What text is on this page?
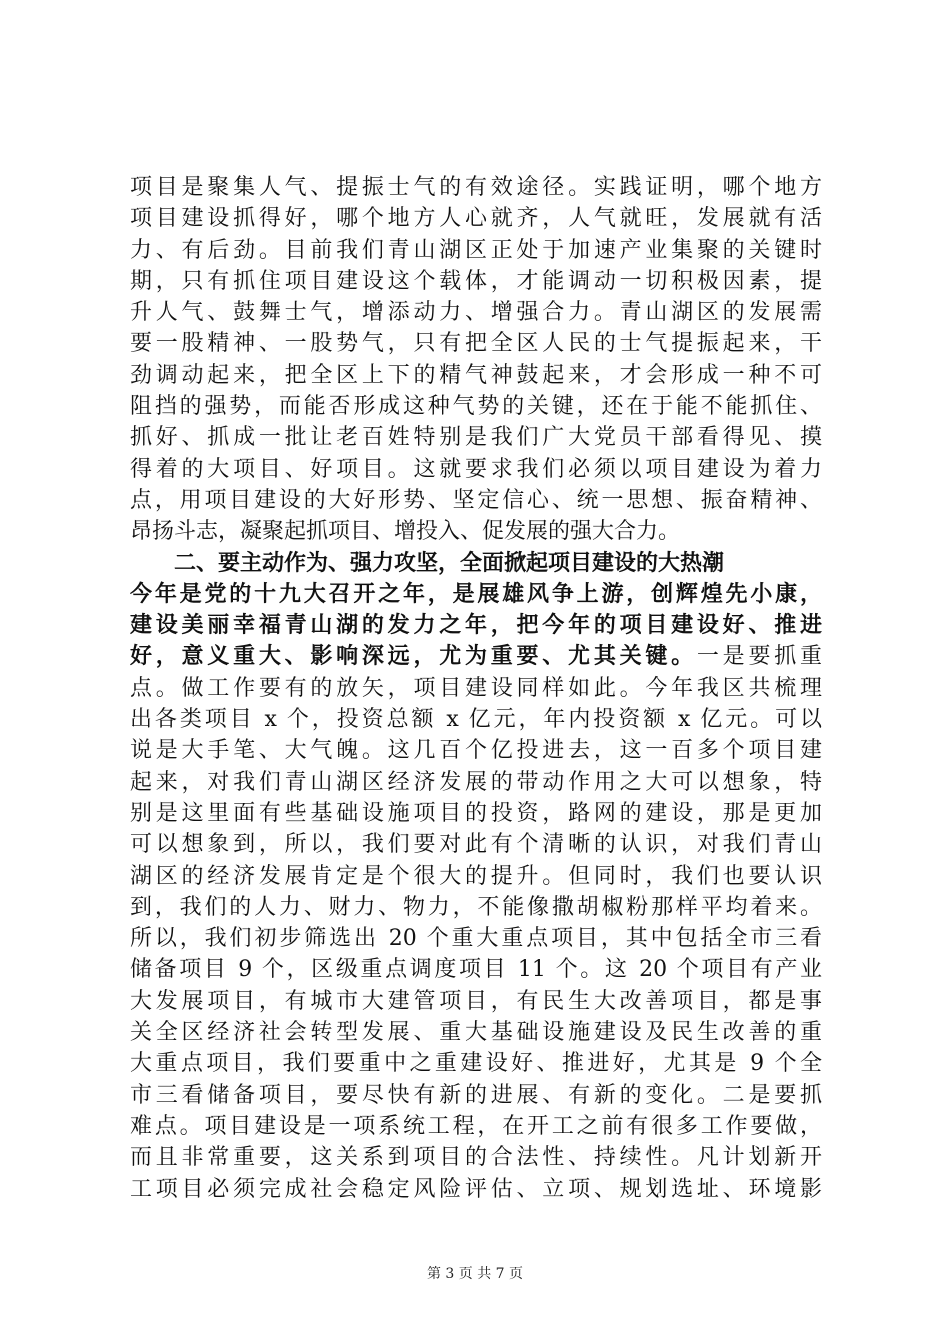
项目是聚集人气、提振士气的有效途径。实践证明，哪个地方
项目建设抓得好，哪个地方人心就齐，人气就旺，发展就有活
力、有后劲。目前我们青山湖区正处于加速产业集聚的关键时
期，只有抓住项目建设这个载体，才能调动一切积极因素，提
升人气、鼓舞士气，增添动力、增强合力。青山湖区的发展需
要一股精神、一股势气，只有把全区人民的士气提振起来，干
劲调动起来，把全区上下的精气神鼓起来，才会形成一种不可
阻挡的强势，而能否形成这种气势的关键，还在于能不能抓住、
抓好、抓成一批让老百姓特别是我们广大党员干部看得见、摸
得着的大项目、好项目。这就要求我们必须以项目建设为着力
点，用项目建设的大好形势、坚定信心、统一思想、振奋精神、
昂扬斗志，凝聚起抓项目、增投入、促发展的强大合力。
二、要主动作为、强力攻坚，全面掀起项目建设的大热潮
今年是党的十九大召开之年，是展雄风争上游，创辉煌先小康，
建设美丽幸福青山湖的发力之年，把今年的项目建设好、推进
好，意义重大、影响深远，尤为重要、尤其关键。一是要抓重
点。做工作要有的放矢，项目建设同样如此。今年我区共梳理
出各类项目 x 个，投资总额 x 亿元，年内投资额 x 亿元。可以
说是大手笔、大气魄。这几百个亿投进去，这一百多个项目建
起来，对我们青山湖区经济发展的带动作用之大可以想象，特
别是这里面有些基础设施项目的投资，路网的建设，那是更加
可以想象到，所以，我们要对此有个清晰的认识，对我们青山
湖区的经济发展肯定是个很大的提升。但同时，我们也要认识
到，我们的人力、财力、物力，不能像撒胡椒粉那样平均着来。
所以，我们初步筛选出 20 个重大重点项目，其中包括全市三看
储备项目 9 个，区级重点调度项目 11 个。这 20 个项目有产业
大发展项目，有城市大建管项目，有民生大改善项目，都是事
关全区经济社会转型发展、重大基础设施建设及民生改善的重
大重点项目，我们要重中之重建设好、推进好，尤其是 9 个全
市三看储备项目，要尽快有新的进展、有新的变化。二是要抓
难点。项目建设是一项系统工程，在开工之前有很多工作要做，
而且非常重要，这关系到项目的合法性、持续性。凡计划新开
工项目必须完成社会稳定风险评估、立项、规划选址、环境影
第 3 页 共 7 页
